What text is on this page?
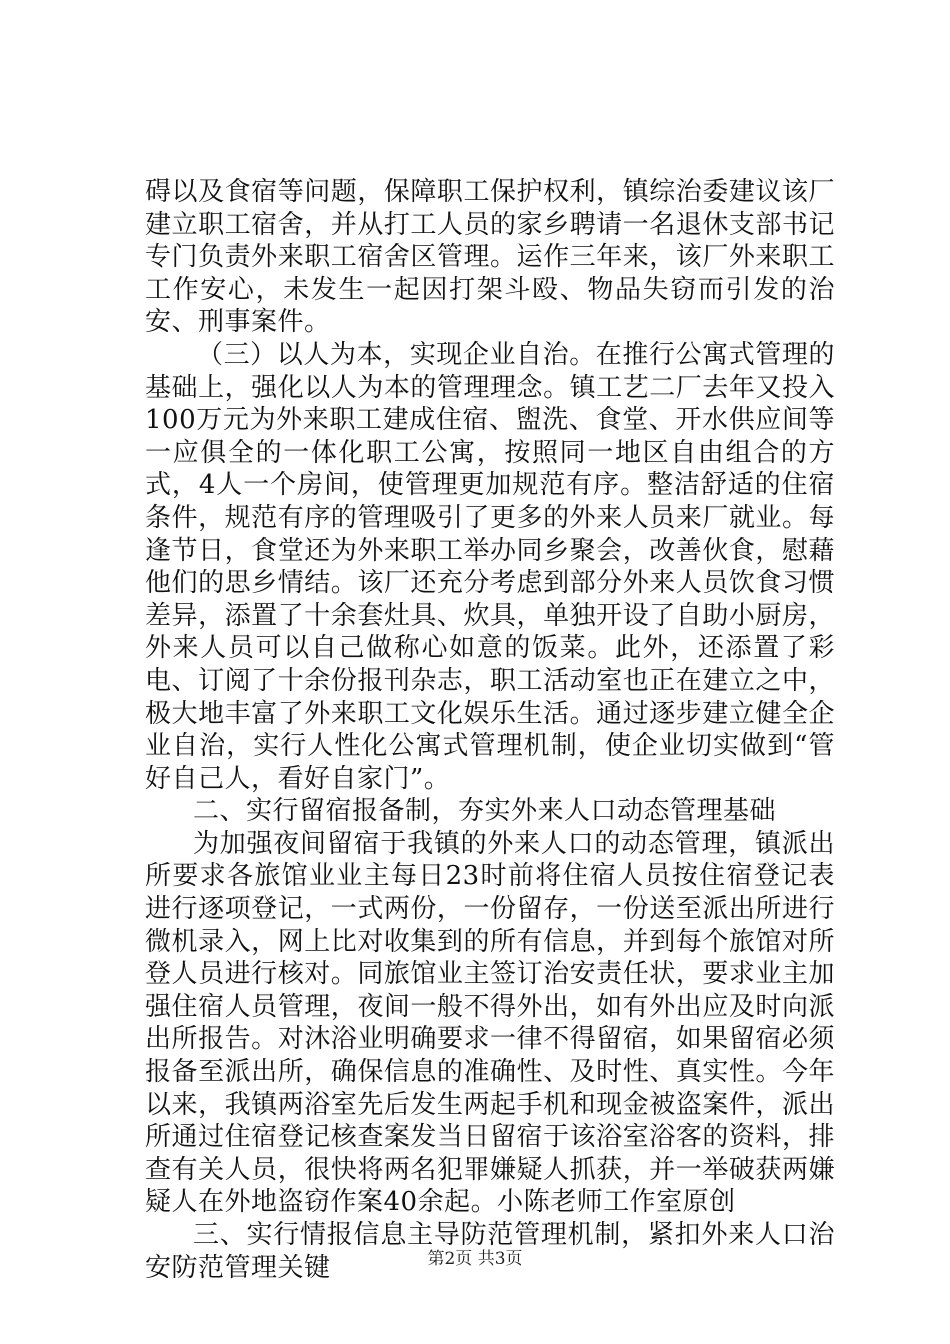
碍以及食宿等问题，保障职工保护权利，镇综治委建议该厂建立职工宿舍，并从打工人员的家乡聘请一名退休支部书记专门负责外来职工宿舍区管理。运作三年来，该厂外来职工工作安心，未发生一起因打架斗殴、物品失窃而引发的治安、刑事案件。

（三）以人为本，实现企业自治。在推行公寓式管理的基础上，强化以人为本的管理理念。镇工艺二厂去年又投入100万元为外来职工建成住宿、盥洗、食堂、开水供应间等一应俱全的一体化职工公寓，按照同一地区自由组合的方式，4人一个房间，使管理更加规范有序。整洁舒适的住宿条件，规范有序的管理吸引了更多的外来人员来厂就业。每逢节日，食堂还为外来职工举办同乡聚会，改善伙食，慰藉他们的思乡情结。该厂还充分考虑到部分外来人员饮食习惯差异，添置了十余套灶具、炊具，单独开设了自助小厨房，外来人员可以自己做称心如意的饭菜。此外，还添置了彩电、订阅了十余份报刊杂志，职工活动室也正在建立之中，极大地丰富了外来职工文化娱乐生活。通过逐步建立健全企业自治，实行人性化公寓式管理机制，使企业切实做到“管好自己人，看好自家门”。

二、实行留宿报备制，夯实外来人口动态管理基础

为加强夜间留宿于我镇的外来人口的动态管理，镇派出所要求各旅馆业业主每日23时前将住宿人员按住宿登记表进行逐项登记，一式两份，一份留存，一份送至派出所进行微机录入，网上比对收集到的所有信息，并到每个旅馆对所登人员进行核对。同旅馆业主签订治安责任状，要求业主加强住宿人员管理，夜间一般不得外出，如有外出应及时向派出所报告。对沐浴业明确要求一律不得留宿，如果留宿必须报备至派出所，确保信息的准确性、及时性、真实性。今年以来，我镇两浴室先后发生两起手机和现金被盗案件，派出所通过住宿登记核查案发当日留宿于该浴室浴客的资料，排查有关人员，很快将两名犯罪嫌疑人抓获，并一举破获两嫌疑人在外地盗窃作案40余起。小陈老师工作室原创

三、实行情报信息主导防范管理机制，紧扣外来人口治安防范管理关键	第2页 共3页
